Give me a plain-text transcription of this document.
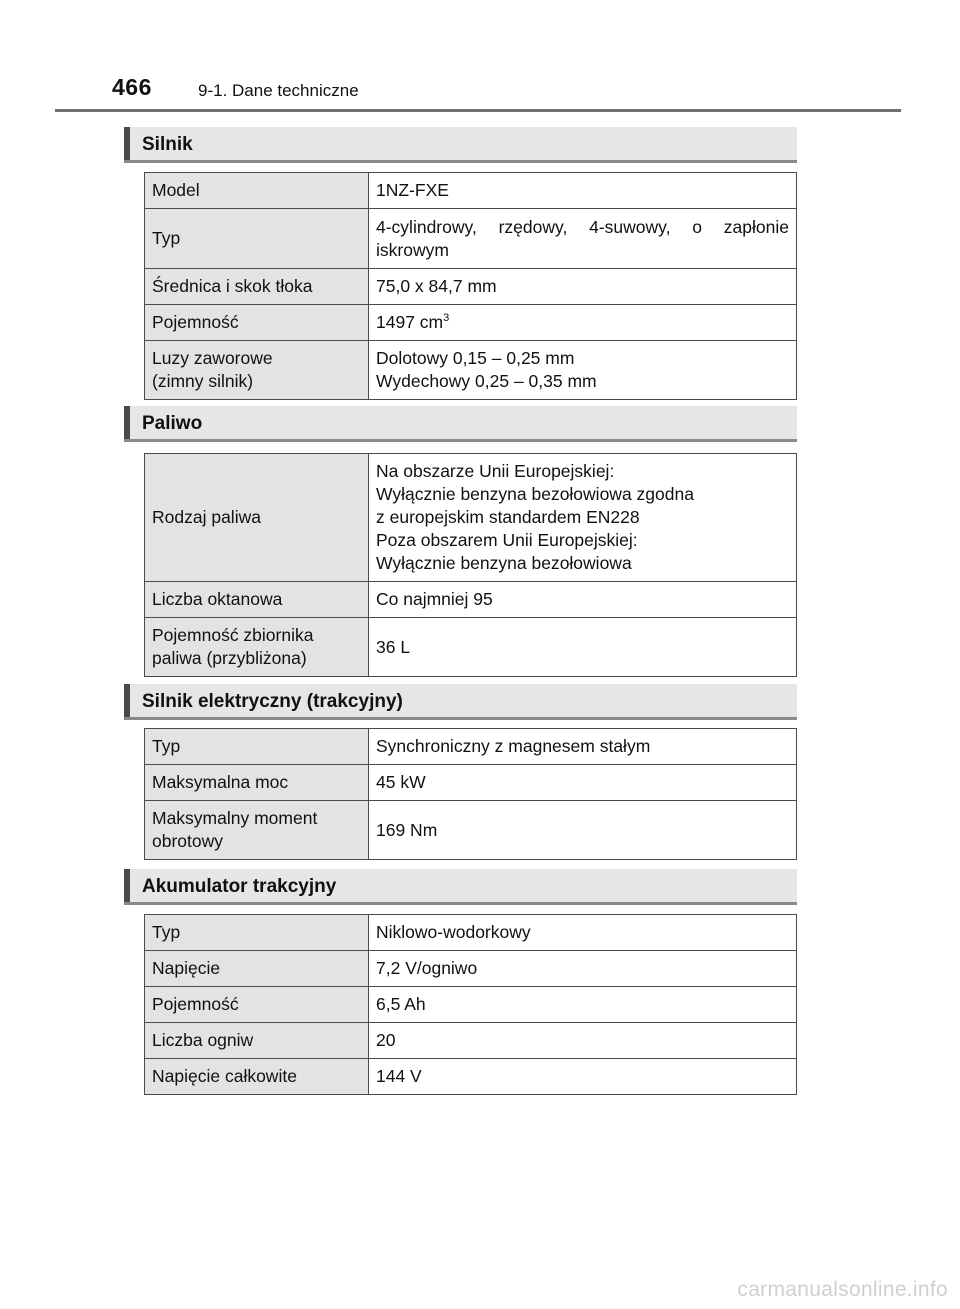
466	9-1. Dane techniczne
Silnik
Model	1NZ-FXE

Typ	4-cylindrowy, rzędowy, 4-suwowy, o zapłonie iskrowym

Średnica i skok tłoka	75,0 x 84,7 mm

Pojemność	1497 $cm^3$

Luzy zaworowe
(zimny silnik)	Dolotowy 0,15 – 0,25 mm
Wydechowy 0,25 – 0,35 mm
Paliwo
Rodzaj paliwa	Na obszarze Unii Europejskiej:
Wyłącznie benzyna bezołowiowa zgodna
z europejskim standardem EN228
Poza obszarem Unii Europejskiej:
Wyłącznie benzyna bezołowiowa

Liczba oktanowa	Co najmniej 95

Pojemność zbiornika
paliwa (przybliżona)	36 L
Silnik elektryczny (trakcyjny)
Typ	Synchroniczny z magnesem stałym

Maksymalna moc	45 kW

Maksymalny moment
obrotowy	169 Nm
Akumulator trakcyjny
Typ	Niklowo-wodorkowy

Napięcie	7,2 V/ogniwo

Pojemność	6,5 Ah

Liczba ogniw	20

Napięcie całkowite	144 V
carmanualsonline.info
